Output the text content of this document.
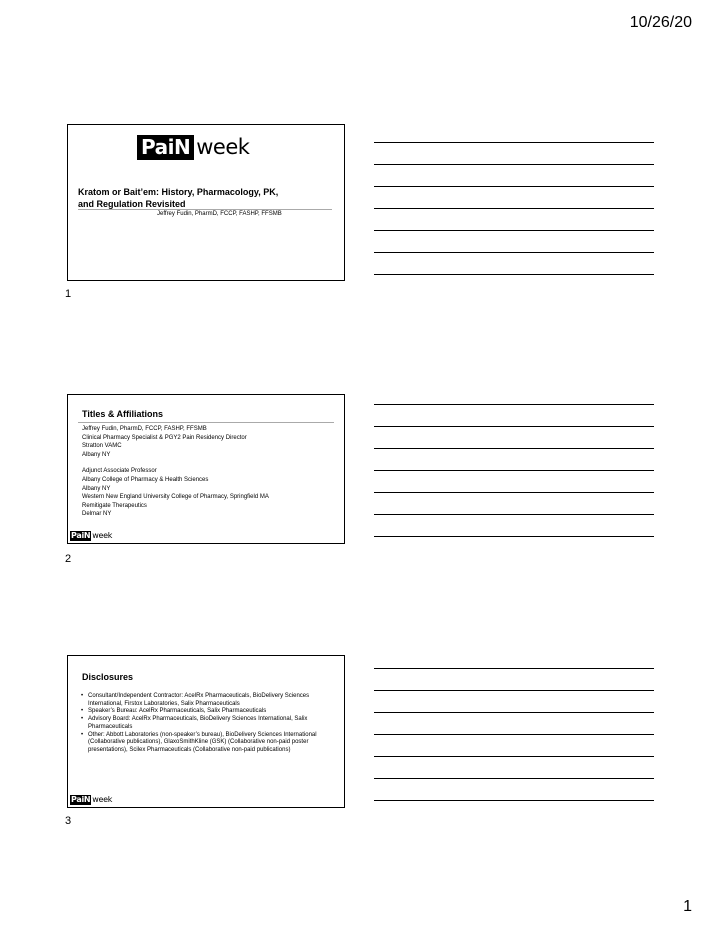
10/26/20
PaiN week
Kratom or Bait’em: History, Pharmacology, PK,
and Regulation Revisited
Jeffrey Fudin, PharmD, FCCP, FASHP, FFSMB
1
Titles & Affiliations
Jeffrey Fudin, PharmD, FCCP, FASHP, FFSMB
Clinical Pharmacy Specialist & PGY2 Pain Residency Director
Stratton VAMC
Albany NY
Adjunct Associate Professor
Albany College of Pharmacy & Health Sciences
Albany NY
Western New England University College of Pharmacy, Springfield MA
Remitigate Therapeutics
Delmar NY
PaiN week
2
Disclosures
• Consultant/Independent Contractor: AcelRx Pharmaceuticals, BioDelivery Sciences International, Firstox Laboratories, Salix Pharmaceuticals
• Speaker’s Bureau: AcelRx Pharmaceuticals, Salix Pharmaceuticals
• Advisory Board: AcelRx Pharmaceuticals, BioDelivery Sciences International, Salix Pharmaceuticals
• Other: Abbott Laboratories (non-speaker’s bureau), BioDelivery Sciences International (Collaborative publications), GlaxoSmithKline (GSK) (Collaborative non-paid poster presentations), Scilex Pharmaceuticals (Collaborative non-paid publications)
PaiN week
3
1
